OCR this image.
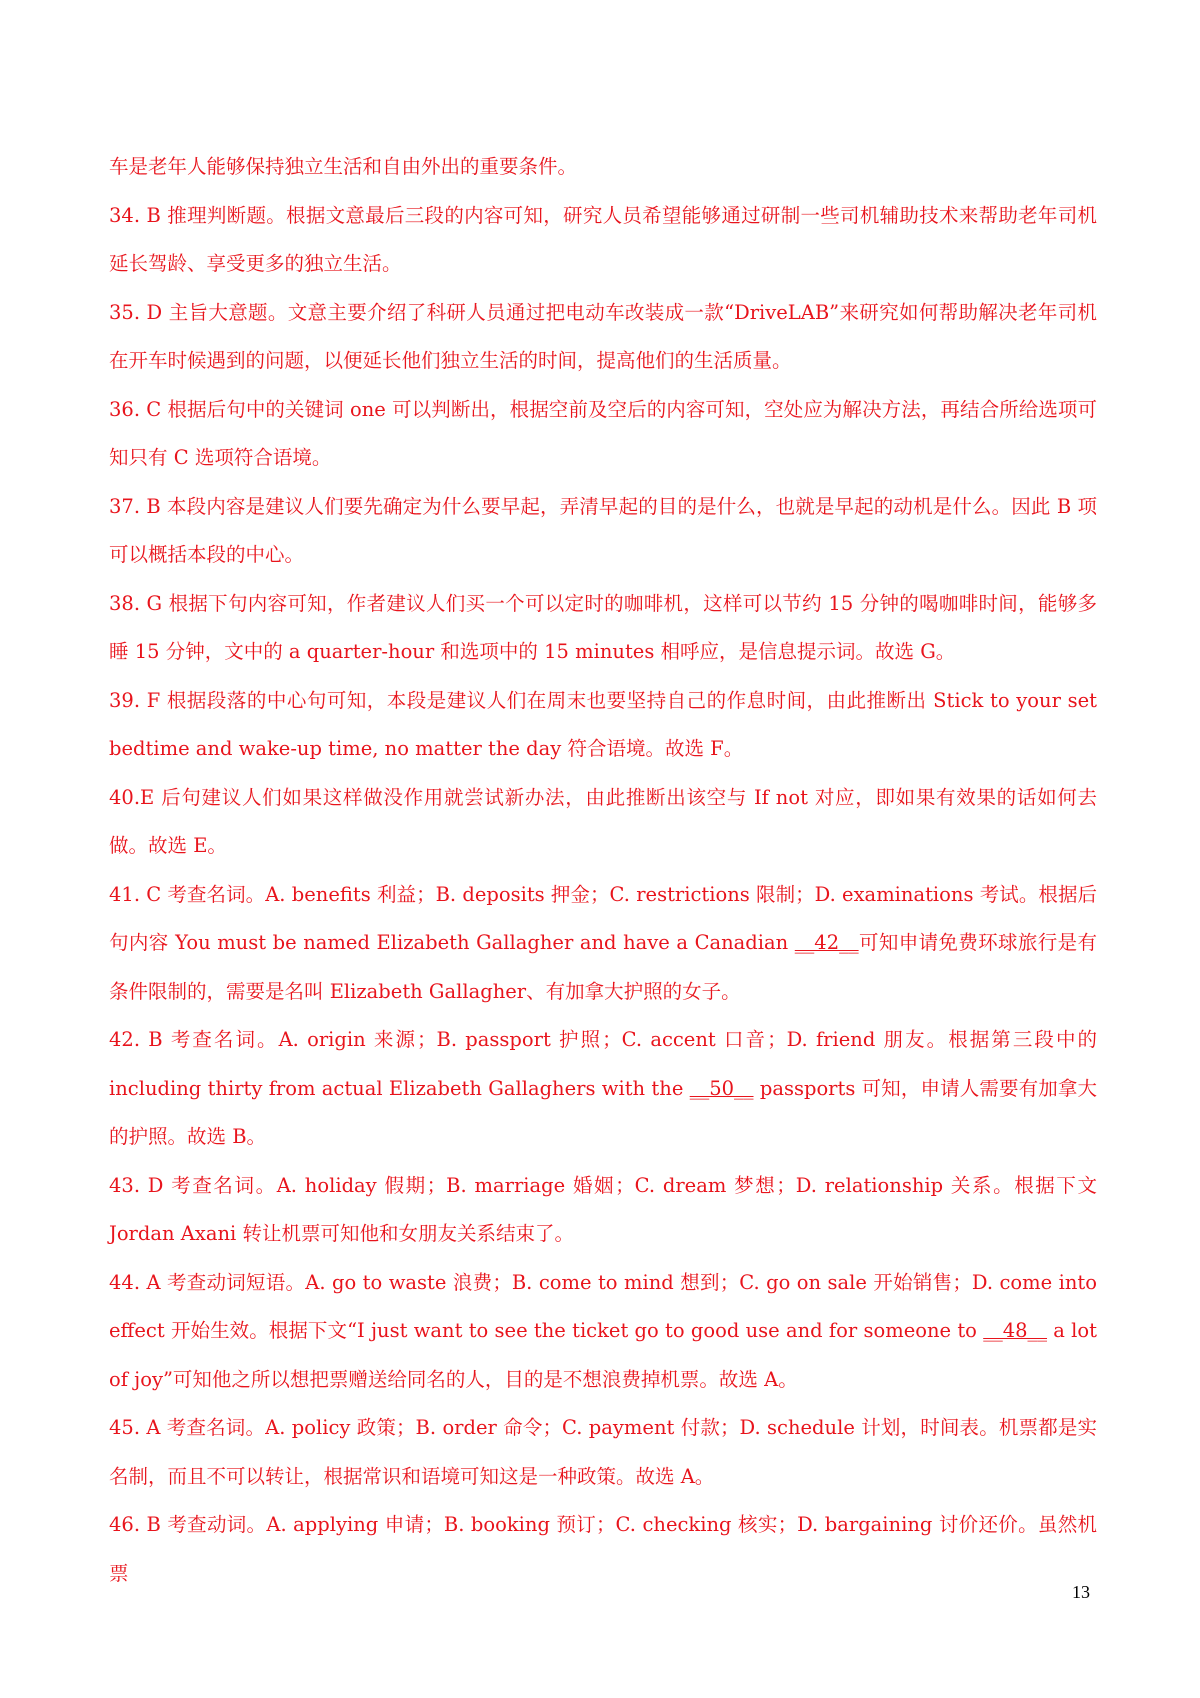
车是老年人能够保持独立生活和自由外出的重要条件。

34. B 推理判断题。根据文意最后三段的内容可知，研究人员希望能够通过研制一些司机辅助技术来帮助老年司机延长驾龄、享受更多的独立生活。

35. D 主旨大意题。文意主要介绍了科研人员通过把电动车改装成一款“DriveLAB”来研究如何帮助解决老年司机在开车时候遇到的问题，以便延长他们独立生活的时间，提高他们的生活质量。

36. C 根据后句中的关键词 one 可以判断出，根据空前及空后的内容可知，空处应为解决方法，再结合所给选项可知只有 C 选项符合语境。

37. B 本段内容是建议人们要先确定为什么要早起，弄清早起的目的是什么，也就是早起的动机是什么。因此 B 项可以概括本段的中心。

38. G 根据下句内容可知，作者建议人们买一个可以定时的咖啡机，这样可以节约 15 分钟的喝咖啡时间，能够多睡 15 分钟，文中的 a quarter-hour 和选项中的 15 minutes 相呼应，是信息提示词。故选 G。

39. F 根据段落的中心句可知，本段是建议人们在周末也要坚持自己的作息时间，由此推断出 Stick to your set bedtime and wake-up time, no matter the day 符合语境。故选 F。

40.E 后句建议人们如果这样做没作用就尝试新办法，由此推断出该空与 If not 对应，即如果有效果的话如何去做。故选 E。

41. C 考查名词。A. benefits 利益；B. deposits 押金；C. restrictions 限制；D. examinations 考试。根据后句内容 You must be named Elizabeth Gallagher and have a Canadian __42__可知申请免费环球旅行是有条件限制的，需要是名叫 Elizabeth Gallagher、有加拿大护照的女子。

42. B 考查名词。A. origin 来源；B. passport 护照；C. accent 口音；D. friend 朋友。根据第三段中的 including thirty from actual Elizabeth Gallaghers with the __50__ passports 可知，申请人需要有加拿大的护照。故选 B。

43. D 考查名词。A. holiday 假期；B. marriage 婚姻；C. dream 梦想；D. relationship 关系。根据下文 Jordan Axani 转让机票可知他和女朋友关系结束了。

44. A 考查动词短语。A. go to waste 浪费；B. come to mind 想到；C. go on sale 开始销售；D. come into effect 开始生效。根据下文“I just want to see the ticket go to good use and for someone to __48__ a lot of joy”可知他之所以想把票赠送给同名的人，目的是不想浪费掉机票。故选 A。

45. A 考查名词。A. policy 政策；B. order 命令；C. payment 付款；D. schedule 计划，时间表。机票都是实名制，而且不可以转让，根据常识和语境可知这是一种政策。故选 A。

46. B 考查动词。A. applying 申请；B. booking 预订；C. checking 核实；D. bargaining 讨价还价。虽然机票

13
